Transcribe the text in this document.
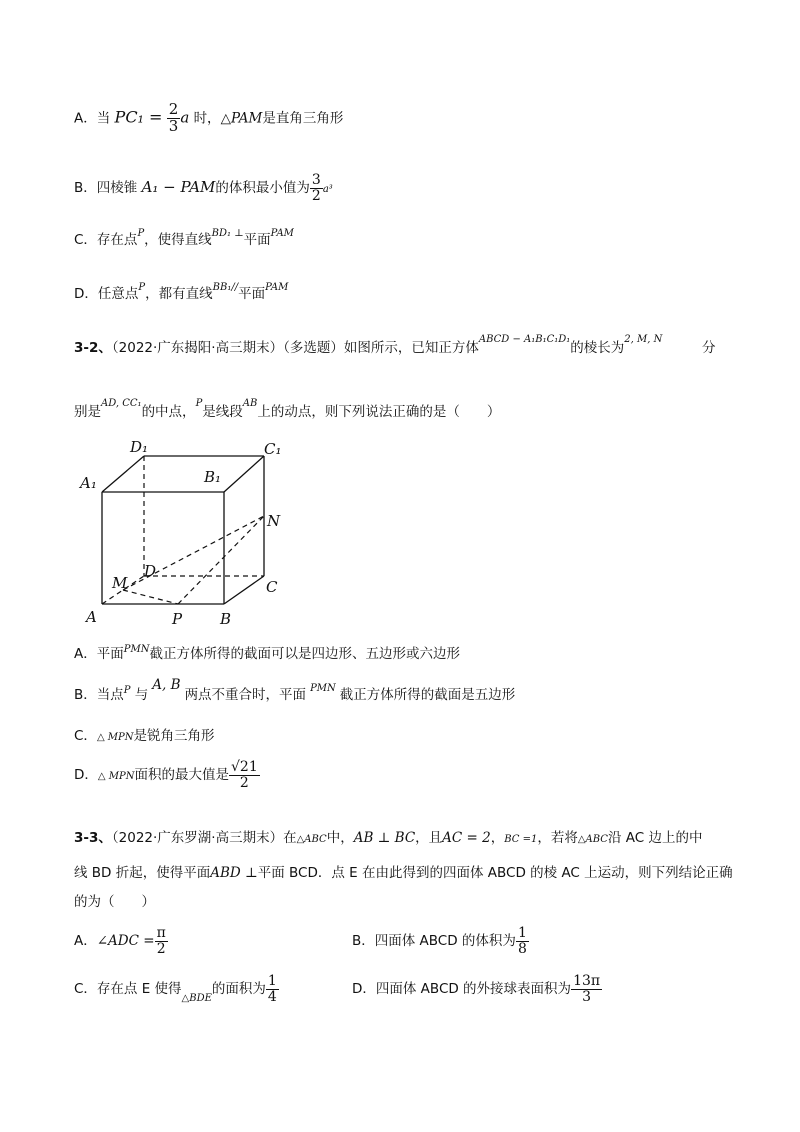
A．当 $PC_1 = \frac{2}{3}$ a 时，△PAM是直角三角形
B．四棱锥 A₁ − PAM的体积最小值为 $\frac{3}{2} a^3$
C．存在点$^P$，使得直线$^{BD_1 \perp}$平面$^{PAM}$
D．任意点$^P$，都有直线$^{BB_1//}$平面$^{PAM}$
3-2、（2022·广东揭阳·高三期末）（多选题）如图所示，已知正方体$^{ABCD - A_1B_1C_1D_1}$的棱长为$^{2, M, N}$
分
别是$^{AD, CC_1}$的中点，$^P$是线段$^{AB}$上的动点，则下列说法正确的是（　　）
D₁	C₁
A₁	B₁
N
M
D
C
A	P	B
A．平面$^{PMN}$截正方体所得的截面可以是四边形、五边形或六边形
B．当点$^P$ 与A, B两点不重合时，平面 $^{PMN}$ 截正方体所得的截面是五边形
C．△ MPN是锐角三角形
D．△ MPN面积的最大值是 $\frac{√21}{2}$
3-3、（2022·广东罗湖·高三期末）在△ABC中，AB ⊥ BC，且AC = 2，BC =1，若将△ABC沿 AC 边上的中
线 BD 折起，使得平面ABD ⊥平面 BCD．点 E 在由此得到的四面体 ABCD 的棱 AC 上运动，则下列结论正确
的为（　　）
A．∠ADC = $\frac{\pi}{2}$	B．四面体 ABCD 的体积为 $\frac{1}{8}$
C．存在点 E 使得$_{\triangle BDE}$的面积为 $\frac{1}{4}$	D．四面体 ABCD 的外接球表面积为 $\frac{13\pi}{3}$
